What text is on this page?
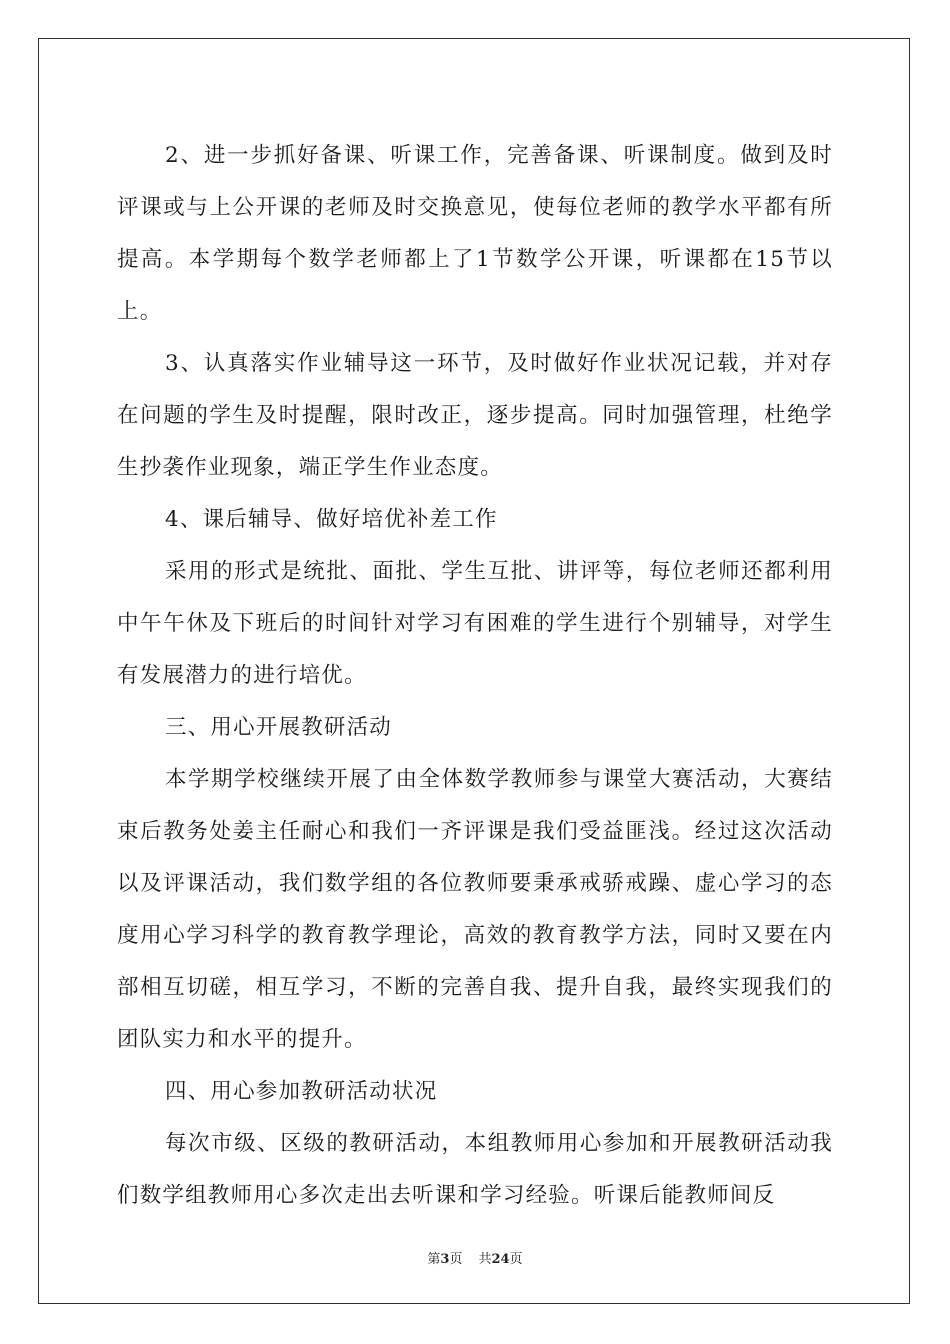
2、进一步抓好备课、听课工作，完善备课、听课制度。做到及时评课或与上公开课的老师及时交换意见，使每位老师的教学水平都有所提高。本学期每个数学老师都上了1节数学公开课，听课都在15节以上。

3、认真落实作业辅导这一环节，及时做好作业状况记载，并对存在问题的学生及时提醒，限时改正，逐步提高。同时加强管理，杜绝学生抄袭作业现象，端正学生作业态度。

4、课后辅导、做好培优补差工作

采用的形式是统批、面批、学生互批、讲评等，每位老师还都利用中午午休及下班后的时间针对学习有困难的学生进行个别辅导，对学生有发展潜力的进行培优。

三、用心开展教研活动

本学期学校继续开展了由全体数学教师参与课堂大赛活动，大赛结束后教务处姜主任耐心和我们一齐评课是我们受益匪浅。经过这次活动以及评课活动，我们数学组的各位教师要秉承戒骄戒躁、虚心学习的态度用心学习科学的教育教学理论，高效的教育教学方法，同时又要在内部相互切磋，相互学习，不断的完善自我、提升自我，最终实现我们的团队实力和水平的提升。

四、用心参加教研活动状况

每次市级、区级的教研活动，本组教师用心参加和开展教研活动我们数学组教师用心多次走出去听课和学习经验。听课后能教师间反

第3页 共24页
